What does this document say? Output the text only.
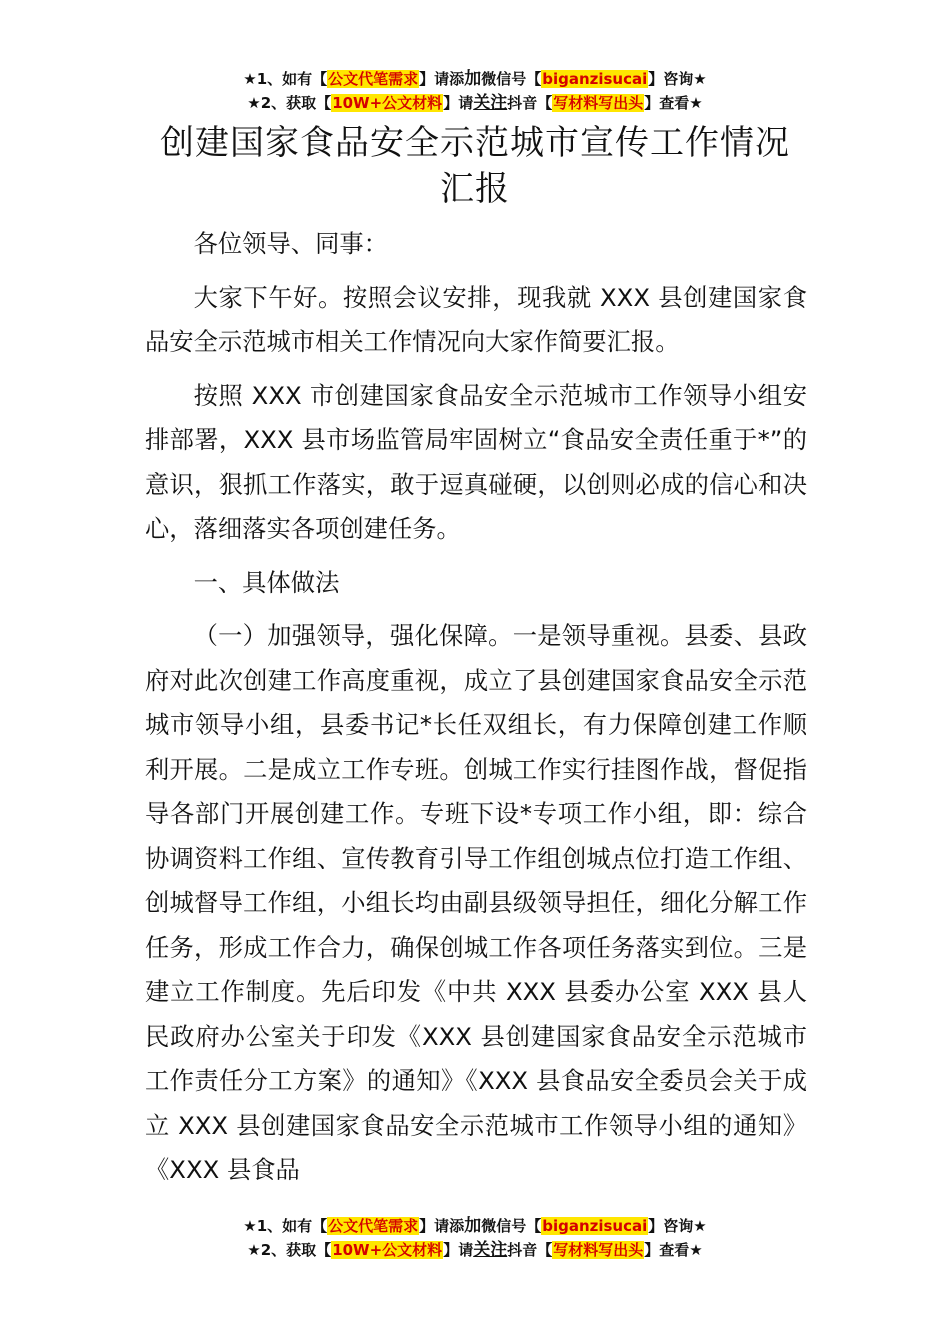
★1、如有【公文代笔需求】请添加微信号【biganzisucai】咨询★
★2、获取【10W+公文材料】请关注抖音【写材料写出头】查看★
创建国家食品安全示范城市宣传工作情况汇报

各位领导、同事：

大家下午好。按照会议安排，现我就 XXX 县创建国家食品安全示范城市相关工作情况向大家作简要汇报。

按照 XXX 市创建国家食品安全示范城市工作领导小组安排部署，XXX 县市场监管局牢固树立“食品安全责任重于*”的意识，狠抓工作落实，敢于逗真碰硬，以创则必成的信心和决心，落细落实各项创建任务。

一、具体做法

（一）加强领导，强化保障。一是领导重视。县委、县政府对此次创建工作高度重视，成立了县创建国家食品安全示范城市领导小组，县委书记*长任双组长，有力保障创建工作顺利开展。二是成立工作专班。创城工作实行挂图作战，督促指导各部门开展创建工作。专班下设*专项工作小组，即：综合协调资料工作组、宣传教育引导工作组创城点位打造工作组、创城督导工作组，小组长均由副县级领导担任，细化分解工作任务，形成工作合力，确保创城工作各项任务落实到位。三是建立工作制度。先后印发《中共 XXX 县委办公室 XXX 县人民政府办公室关于印发《XXX 县创建国家食品安全示范城市工作责任分工方案》的通知》《XXX 县食品安全委员会关于成立 XXX 县创建国家食品安全示范城市工作领导小组的通知》《XXX 县食品

★1、如有【公文代笔需求】请添加微信号【biganzisucai】咨询★
★2、获取【10W+公文材料】请关注抖音【写材料写出头】查看★
